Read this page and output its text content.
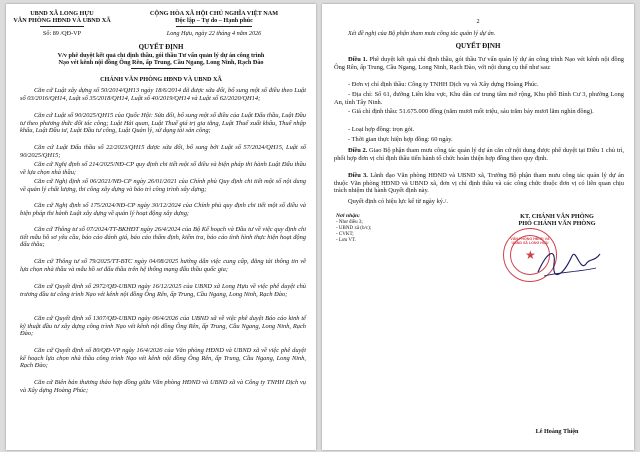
UBND XÃ LONG HỰU
VĂN PHÒNG HĐND VÀ UBND XÃ
Số: 89 /QĐ-VP
CỘNG HÒA XÃ HỘI CHỦ NGHĨA VIỆT NAM
Độc lập – Tự do – Hạnh phúc
Long Hựu, ngày 22 tháng 4 năm 2026
QUYẾT ĐỊNH
V/v phê duyệt kết quả chỉ định thầu, gói thầu Tư vấn quản lý dự án công trình
Nạo vét kênh nội đồng Ông Rên, ấp Trung, Cầu Ngang, Long Ninh, Rạch Đào
CHÁNH VĂN PHÒNG HĐND VÀ UBND XÃ
Căn cứ Luật xây dựng số 50/2014/QH13 ngày 18/6/2014 đã được sửa đổi, bổ sung một số điều theo Luật số 03/2016/QH14, Luật số 35/2018/QH14, Luật số 40/2019/QH14 và Luật số 62/2020/QH14;
Căn cứ Luật số 90/2025/QH15 của Quốc Hội: Sửa đổi, bổ sung một số điều của Luật Đấu thầu, Luật Đầu tư theo phương thức đối tác công; Luật Hải quan, Luật Thuế giá trị gia tăng, Luật Thuế xuất khẩu, Thuế nhập khẩu, Luật Đầu tư, Luật Đầu tư công, Luật Quản lý, sử dụng tài sản công;
Căn cứ Luật Đấu thầu số 22/2023/QH15 được sửa đổi, bổ sung bởi Luật số 57/2024/QH15, Luật số 90/2025/QH15;
Căn cứ Nghị định số 214/2025/NĐ-CP quy định chi tiết một số điều và biện pháp thi hành Luật Đấu thầu về lựa chọn nhà thầu;
Căn cứ Nghị định số 06/2021/NĐ-CP ngày 26/01/2021 của Chính phủ Quy định chi tiết một số nội dung về quản lý chất lượng, thi công xây dựng và bảo trì công trình xây dựng;
Căn cứ Nghị định số 175/2024/NĐ-CP ngày 30/12/2024 của Chính phủ quy định chi tiết một số điều và biện pháp thi hành Luật xây dựng về quản lý hoạt động xây dựng;
Căn cứ Thông tư số 07/2024/TT-BKHĐT ngày 26/4/2024 của Bộ Kế hoạch và Đầu tư về việc quy định chi tiết mẫu hồ sơ yêu cầu, báo cáo đánh giá, báo cáo thẩm định, kiểm tra, báo cáo tình hình thực hiện hoạt động đấu thầu;
Căn cứ Thông tư số 79/2025/TT-BTC ngày 04/08/2025 hướng dẫn việc cung cấp, đăng tải thông tin về lựa chọn nhà thầu và mẫu hồ sơ đấu thầu trên hệ thống mạng đấu thầu quốc gia;
Căn cứ Quyết định số 2972/QĐ-UBND ngày 16/12/2025 của UBND xã Long Hựu về việc phê duyệt chủ trương đầu tư công trình Nạo vét kênh nội đồng Ông Rên, ấp Trung, Cầu Ngang, Long Ninh, Rạch Đào;
Căn cứ Quyết định số 1307/QĐ-UBND ngày 06/4/2026 của UBND xã về việc phê duyệt Báo cáo kinh tế kỹ thuật đầu tư xây dựng công trình Nạo vét kênh nội đồng Ông Rên, ấp Trung, Cầu Ngang, Long Ninh, Rạch Đào;
Căn cứ Quyết định số 80/QĐ-VP ngày 16/4/2026 của Văn phòng HĐND và UBND xã về việc phê duyệt kế hoạch lựa chọn nhà thầu công trình Nạo vét kênh nội đồng Ông Rên, ấp Trung, Cầu Ngang, Long Ninh, Rạch Đào;
Căn cứ Biên bản thương thảo hợp đồng giữa Văn phòng HĐND và UBND xã và Công ty TNHH Dịch vụ và Xây dựng Hoàng Phúc;
2
Xét đề nghị của Bộ phận tham mưu công tác quản lý dự án.
QUYẾT ĐỊNH
Điều 1. Phê duyệt kết quả chỉ định thầu, gói thầu Tư vấn quản lý dự án công trình Nạo vét kênh nội đồng Ông Rên, ấp Trung, Cầu Ngang, Long Ninh, Rạch Đào, với nội dung cụ thể như sau:
- Đơn vị chỉ định thầu: Công ty TNHH Dịch vụ và Xây dựng Hoàng Phúc.
- Địa chỉ: Số 61, đường Liên khu vực, Khu dân cư trung tâm mở rộng, Khu phố Bình Cư 3, phường Long An, tỉnh Tây Ninh.
- Giá chỉ định thầu: 51.675.000 đồng (năm mươi mốt triệu, sáu trăm bảy mươi lăm nghìn đồng).
- Loại hợp đồng: trọn gói.
- Thời gian thực hiện hợp đồng: 60 ngày.
Điều 2. Giao Bộ phận tham mưu công tác quản lý dự án căn cứ nội dung được phê duyệt tại Điều 1 chủ trì, phối hợp đơn vị chỉ định thầu tiến hành tổ chức hoàn thiện hợp đồng theo quy định.
Điều 3. Lãnh đạo Văn phòng HĐND và UBND xã, Trưởng Bộ phận tham mưu công tác quản lý dự án thuộc Văn phòng HĐND và UBND xã, đơn vị chỉ định thầu và các công chức thuộc đơn vị có liên quan chịu trách nhiệm thi hành Quyết định này.
Quyết định có hiệu lực kể từ ngày ký./.
Nơi nhận:
- Như điều 3;
- UBND xã (b/c);
- CVKT;
- Lưu VT.
KT. CHÁNH VĂN PHÒNG
PHÓ CHÁNH VĂN PHÒNG
★
VĂN PHÒNG HĐND VÀ UBND XÃ LONG HỰU
Lê Hoàng Thiện
